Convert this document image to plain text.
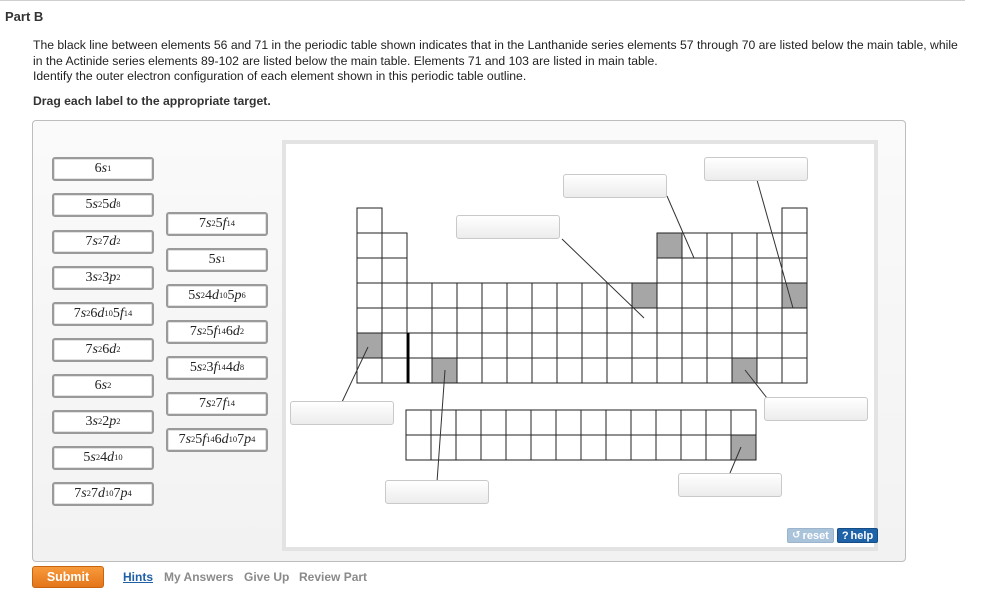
Part B

The black line between elements 56 and 71 in the periodic table shown indicates that in the Lanthanide series elements 57 through 70 are listed below the main table, while in the Actinide series elements 89-102 are listed below the main table. Elements 71 and 103 are listed in main table.

Identify the outer electron configuration of each element shown in this periodic table outline.

Drag each label to the appropriate target.
6 $s^1$
5 $s^2$ 5 $d^8$
7 $s^2$ 7 $d^2$
3 $s^2$ 3 $p^2$
7 $s^2$ 6 $d^{10}$ 5 $f^{14}$
7 $s^2$ 6 $d^2$
6 $s^2$
3 $s^2$ 2 $p^2$
5 $s^2$ 4 $d^{10}$
7 $s^2$ 7 $d^{10}$ 7 $p^4$
7 $s^2$ 5 $f^{14}$
5 $s^1$
5 $s^2$ 4 $d^{10}$ 5 $p^6$
7 $s^2$ 5 $f^{14}$ 6 $d^2$
5 $s^2$ 3 $f^{14}$ 4 $d^8$
7 $s^2$ 7 $f^{14}$
7 $s^2$ 5 $f^{14}$ 6 $d^{10}$ 7 $p^4$
↺ reset ? help
Submit	Hints My Answers Give Up Review Part
